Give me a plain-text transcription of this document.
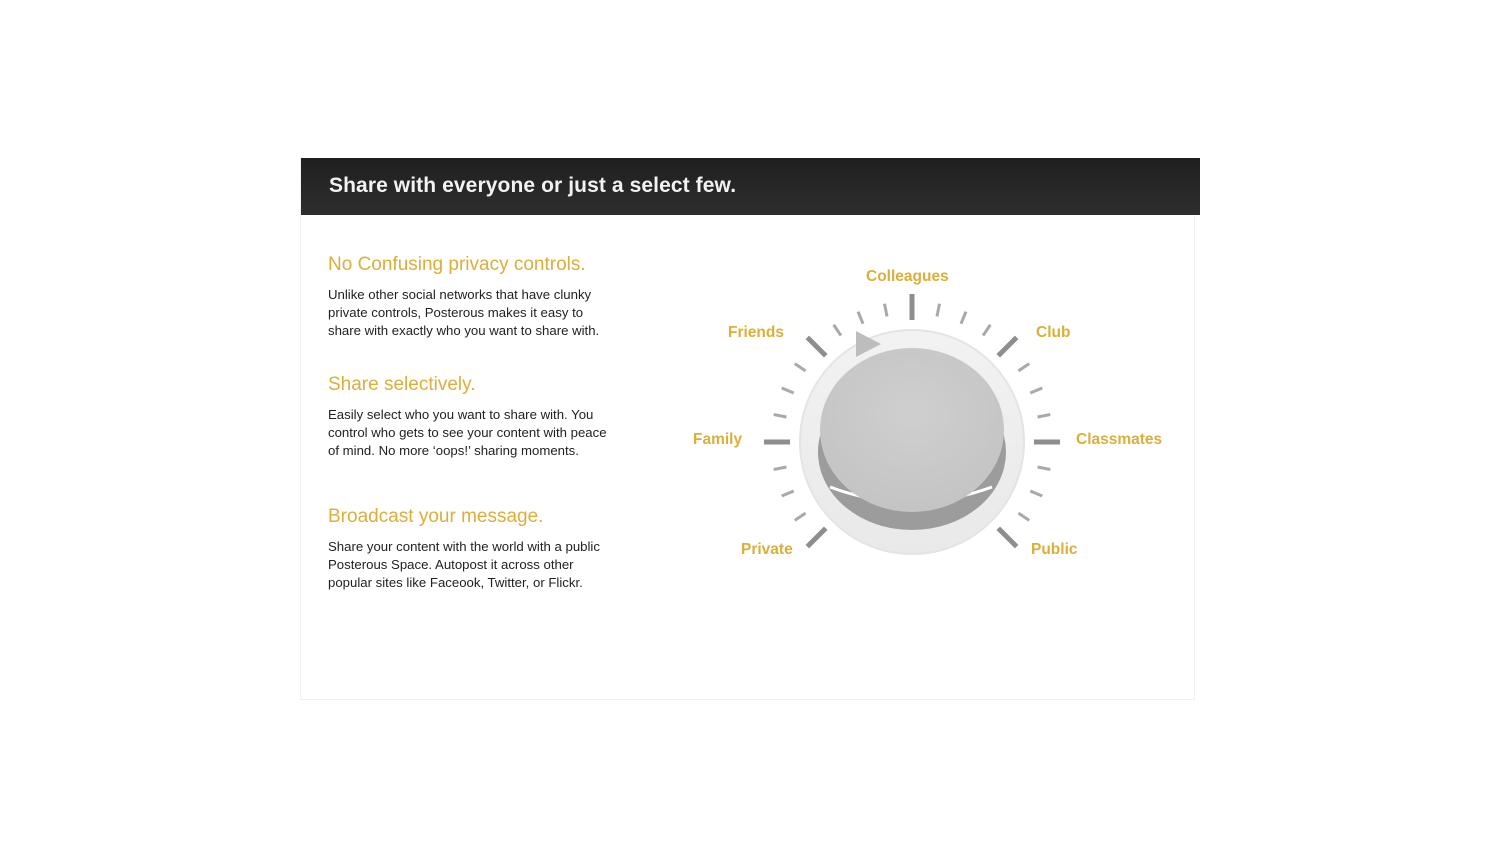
Share with everyone or just a select few.
No Confusing privacy controls.

Unlike other social networks that have clunky private controls, Posterous makes it easy to share with exactly who you want to share with.

Share selectively.

Easily select who you want to share with. You control who gets to see your content with peace of mind. No more ‘oops!’ sharing moments.

Broadcast your message.

Share your content with the world with a public Posterous Space. Autopost it across other popular sites like Faceook, Twitter, or Flickr.

Colleagues
Friends	Club
Family	Classmates
Private	Public
